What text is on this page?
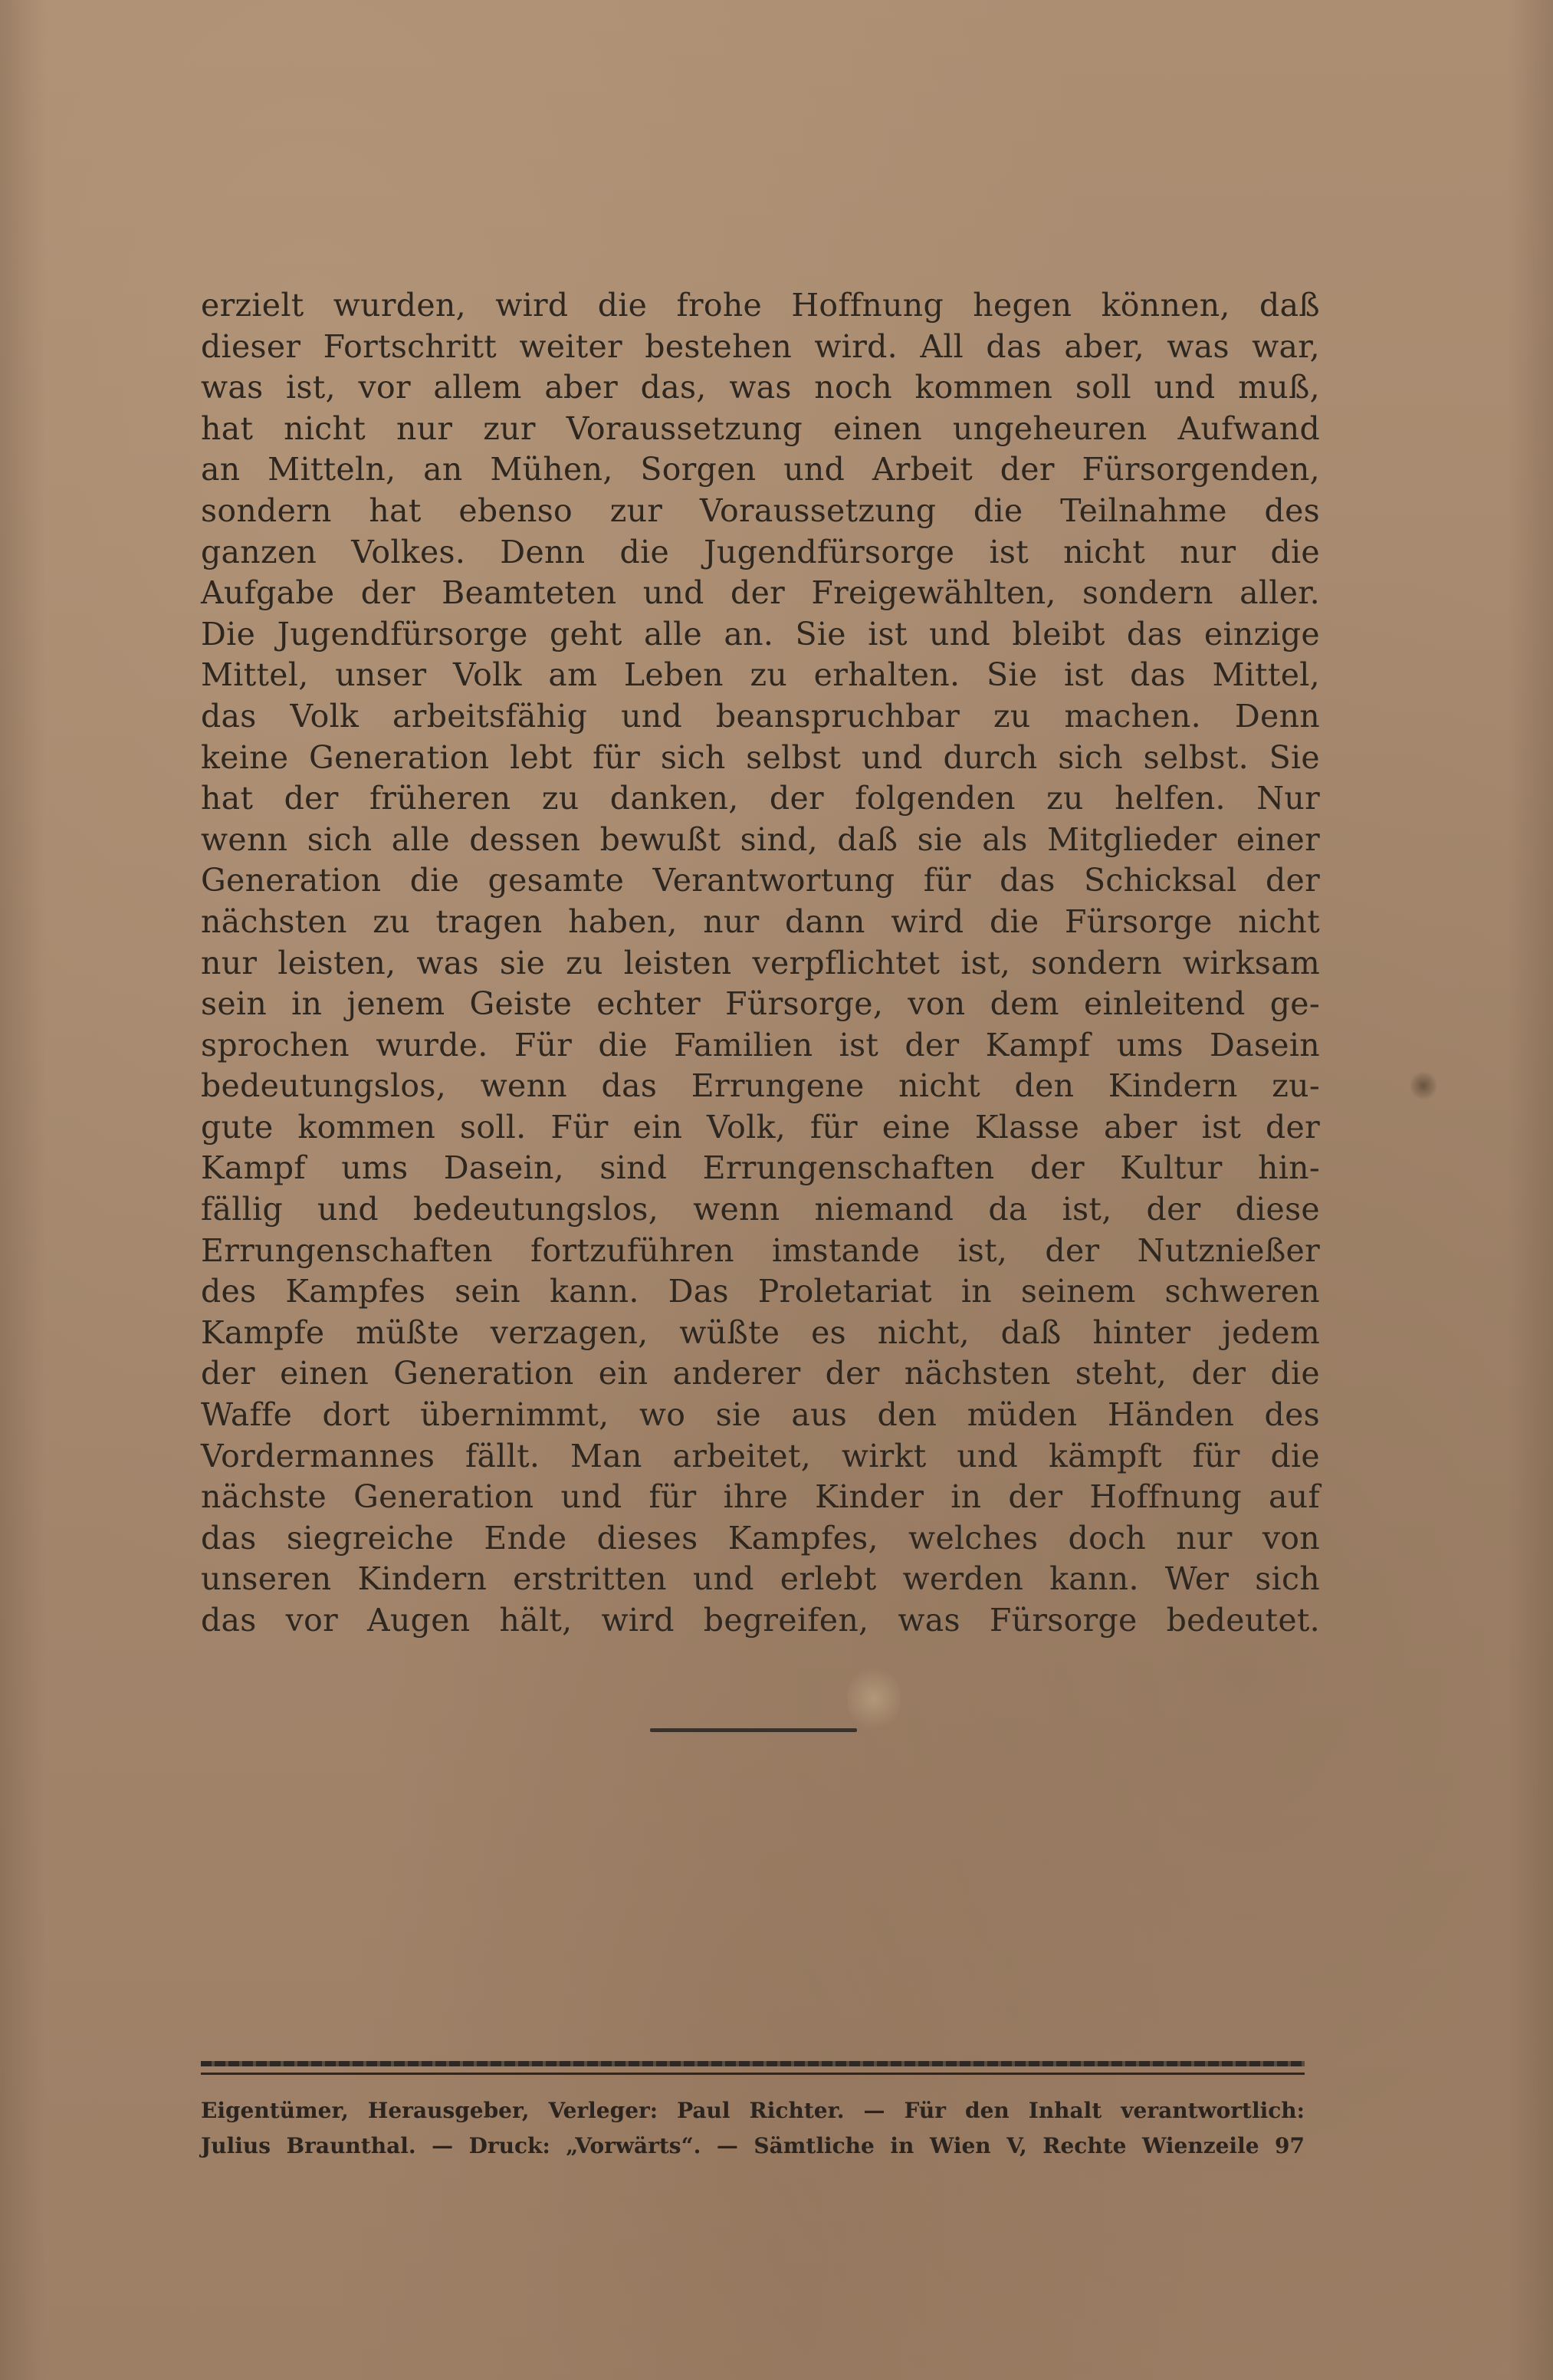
erzielt wurden, wird die frohe Hoffnung hegen können, daß
dieser Fortschritt weiter bestehen wird. All das aber, was war,
was ist, vor allem aber das, was noch kommen soll und muß,
hat nicht nur zur Voraussetzung einen ungeheuren Aufwand
an Mitteln, an Mühen, Sorgen und Arbeit der Fürsorgenden,
sondern hat ebenso zur Voraussetzung die Teilnahme des
ganzen Volkes. Denn die Jugendfürsorge ist nicht nur die
Aufgabe der Beamteten und der Freigewählten, sondern aller.
Die Jugendfürsorge geht alle an. Sie ist und bleibt das einzige
Mittel, unser Volk am Leben zu erhalten. Sie ist das Mittel,
das Volk arbeitsfähig und beanspruchbar zu machen. Denn
keine Generation lebt für sich selbst und durch sich selbst. Sie
hat der früheren zu danken, der folgenden zu helfen. Nur
wenn sich alle dessen bewußt sind, daß sie als Mitglieder einer
Generation die gesamte Verantwortung für das Schicksal der
nächsten zu tragen haben, nur dann wird die Fürsorge nicht
nur leisten, was sie zu leisten verpflichtet ist, sondern wirksam
sein in jenem Geiste echter Fürsorge, von dem einleitend ge-
sprochen wurde. Für die Familien ist der Kampf ums Dasein
bedeutungslos, wenn das Errungene nicht den Kindern zu-
gute kommen soll. Für ein Volk, für eine Klasse aber ist der
Kampf ums Dasein, sind Errungenschaften der Kultur hin-
fällig und bedeutungslos, wenn niemand da ist, der diese
Errungenschaften fortzuführen imstande ist, der Nutznießer
des Kampfes sein kann. Das Proletariat in seinem schweren
Kampfe müßte verzagen, wüßte es nicht, daß hinter jedem
der einen Generation ein anderer der nächsten steht, der die
Waffe dort übernimmt, wo sie aus den müden Händen des
Vordermannes fällt. Man arbeitet, wirkt und kämpft für die
nächste Generation und für ihre Kinder in der Hoffnung auf
das siegreiche Ende dieses Kampfes, welches doch nur von
unseren Kindern erstritten und erlebt werden kann. Wer sich
das vor Augen hält, wird begreifen, was Fürsorge bedeutet.
Eigentümer, Herausgeber, Verleger: Paul Richter. — Für den Inhalt verantwortlich:
Julius Braunthal. — Druck: „Vorwärts“. — Sämtliche in Wien V, Rechte Wienzeile 97
